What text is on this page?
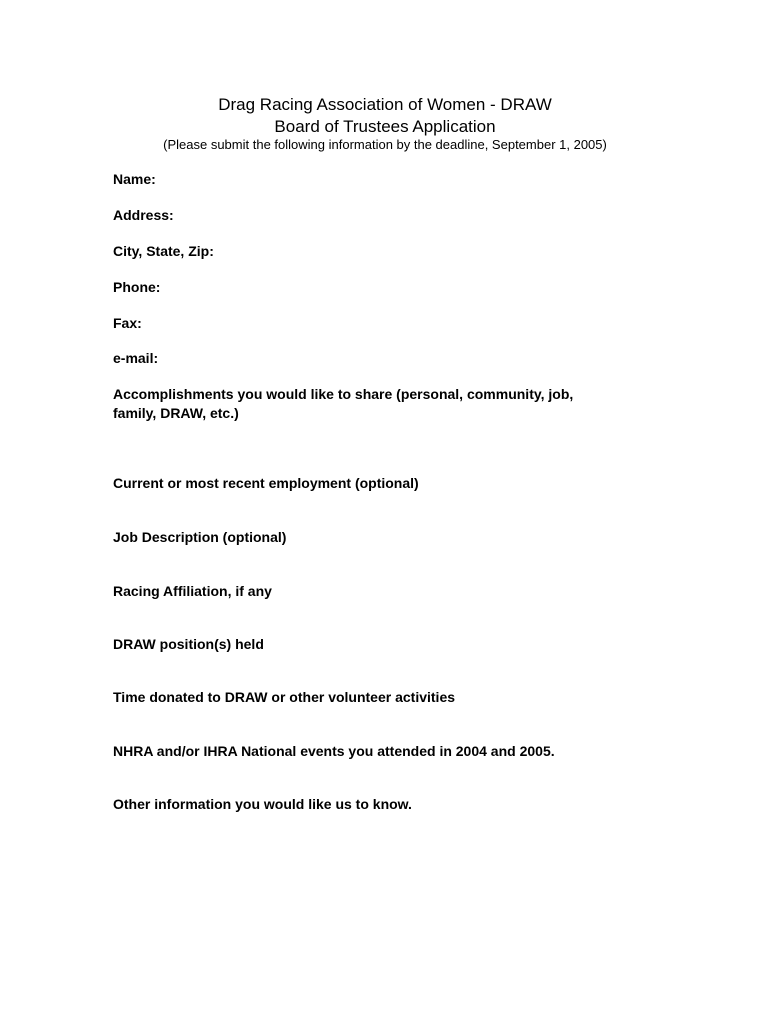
Drag Racing Association of Women - DRAW
Board of Trustees Application
(Please submit the following information by the deadline, September 1, 2005)
Name:
Address:
City, State, Zip:
Phone:
Fax:
e-mail:
Accomplishments you would like to share (personal, community, job, family, DRAW, etc.)
Current or most recent employment (optional)
Job Description (optional)
Racing Affiliation, if any
DRAW position(s) held
Time donated to DRAW or other volunteer activities
NHRA and/or IHRA National events you attended in 2004 and 2005.
Other information you would like us to know.
